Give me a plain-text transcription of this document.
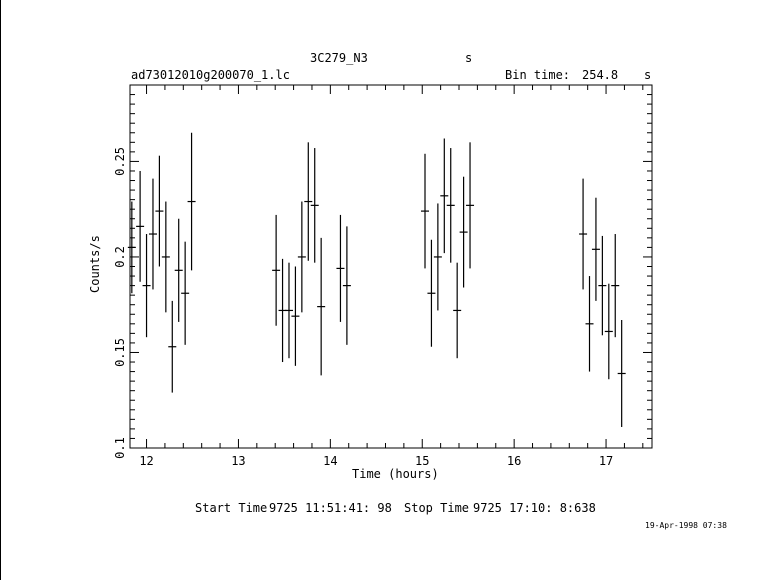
3C279_N3	s
ad73012010g200070_1.lc	Bin time: 254.8 s
12	13	14	15	16	17
0.1
0.15
0.2
0.25
Time (hours)
Counts/s
Start Time 9725 11:51:41: 98 Stop Time 9725 17:10: 8:638
19-Apr-1998 07:38
